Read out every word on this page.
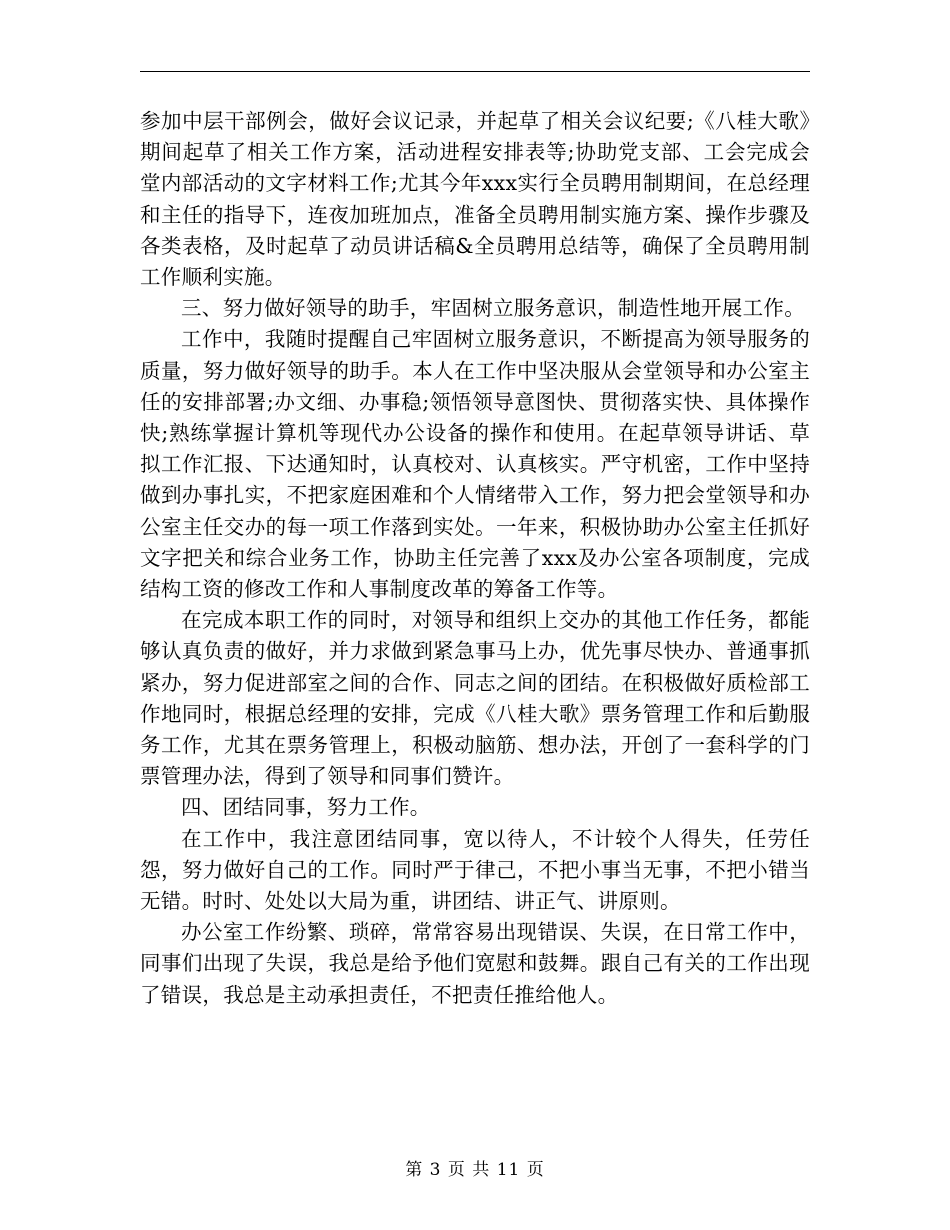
参加中层干部例会，做好会议记录，并起草了相关会议纪要;《八桂大歌》期间起草了相关工作方案，活动进程安排表等;协助党支部、工会完成会堂内部活动的文字材料工作;尤其今年xxx实行全员聘用制期间，在总经理和主任的指导下，连夜加班加点，准备全员聘用制实施方案、操作步骤及各类表格，及时起草了动员讲话稿&全员聘用总结等，确保了全员聘用制工作顺利实施。

三、努力做好领导的助手，牢固树立服务意识，制造性地开展工作。

工作中，我随时提醒自己牢固树立服务意识，不断提高为领导服务的质量，努力做好领导的助手。本人在工作中坚决服从会堂领导和办公室主任的安排部署;办文细、办事稳;领悟领导意图快、贯彻落实快、具体操作快;熟练掌握计算机等现代办公设备的操作和使用。在起草领导讲话、草拟工作汇报、下达通知时，认真校对、认真核实。严守机密，工作中坚持做到办事扎实，不把家庭困难和个人情绪带入工作，努力把会堂领导和办公室主任交办的每一项工作落到实处。一年来，积极协助办公室主任抓好文字把关和综合业务工作，协助主任完善了xxx及办公室各项制度，完成结构工资的修改工作和人事制度改革的筹备工作等。

在完成本职工作的同时，对领导和组织上交办的其他工作任务，都能够认真负责的做好，并力求做到紧急事马上办，优先事尽快办、普通事抓紧办，努力促进部室之间的合作、同志之间的团结。在积极做好质检部工作地同时，根据总经理的安排，完成《八桂大歌》票务管理工作和后勤服务工作，尤其在票务管理上，积极动脑筋、想办法，开创了一套科学的门票管理办法，得到了领导和同事们赞许。

四、团结同事，努力工作。

在工作中，我注意团结同事，宽以待人，不计较个人得失，任劳任怨，努力做好自己的工作。同时严于律己，不把小事当无事，不把小错当无错。时时、处处以大局为重，讲团结、讲正气、讲原则。

办公室工作纷繁、琐碎，常常容易出现错误、失误，在日常工作中，同事们出现了失误，我总是给予他们宽慰和鼓舞。跟自己有关的工作出现了错误，我总是主动承担责任，不把责任推给他人。

第 3 页 共 11 页
